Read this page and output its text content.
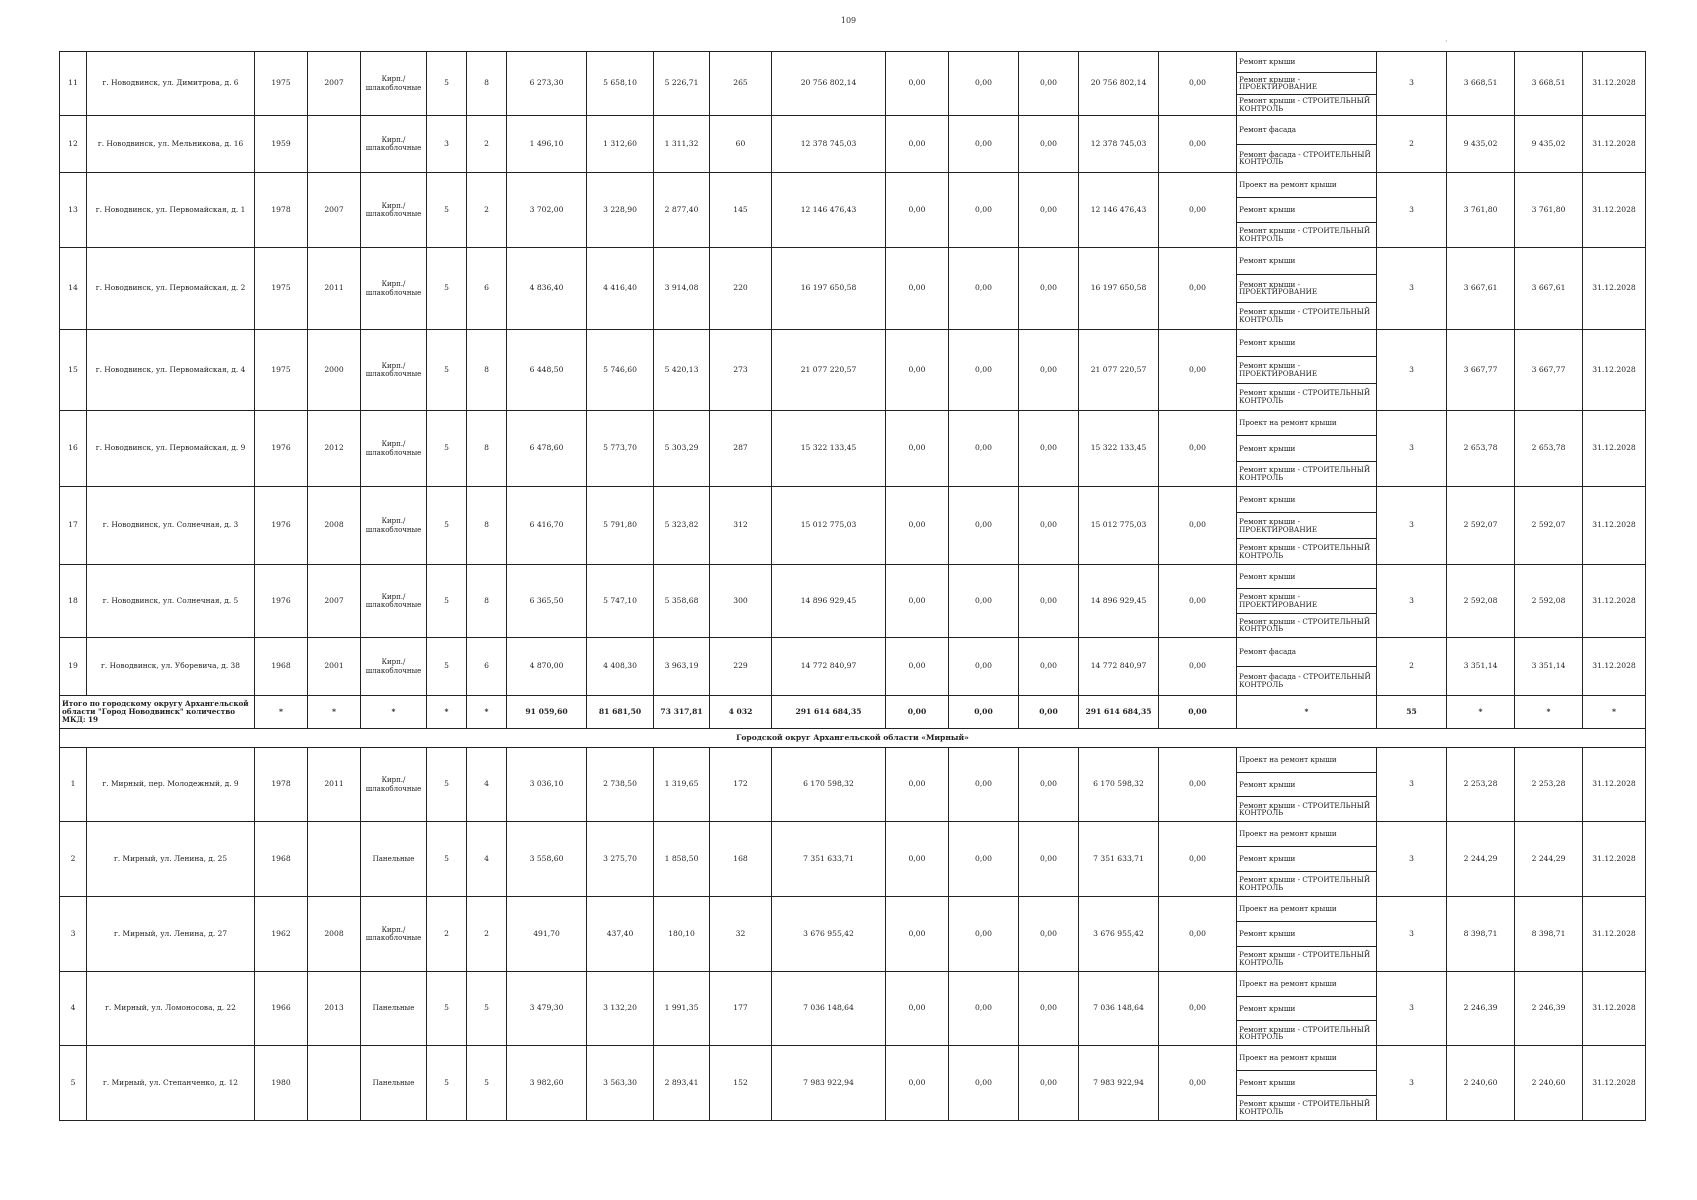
109
11	г. Новодвинск, ул. Димитрова, д. 6	1975	2007	Кирп./ шлакоблочные	5	8	6 273,30	5 658,10	5 226,71	265	20 756 802,14	0,00	0,00	0,00	20 756 802,14	0,00	Ремонт крыши
Ремонт крыши - ПРОЕКТИРОВАНИЕ
Ремонт крыши - СТРОИТЕЛЬНЫЙ КОНТРОЛЬ	3	3 668,51	3 668,51	31.12.2028
12	г. Новодвинск, ул. Мельникова, д. 16	1959		Кирп./ шлакоблочные	3	2	1 496,10	1 312,60	1 311,32	60	12 378 745,03	0,00	0,00	0,00	12 378 745,03	0,00	Ремонт фасада
Ремонт фасада - СТРОИТЕЛЬНЫЙ КОНТРОЛЬ	2	9 435,02	9 435,02	31.12.2028
13	г. Новодвинск, ул. Первомайская, д. 1	1978	2007	Кирп./ шлакоблочные	5	2	3 702,00	3 228,90	2 877,40	145	12 146 476,43	0,00	0,00	0,00	12 146 476,43	0,00	Проект на ремонт крыши
Ремонт крыши
Ремонт крыши - СТРОИТЕЛЬНЫЙ КОНТРОЛЬ	3	3 761,80	3 761,80	31.12.2028
14	г. Новодвинск, ул. Первомайская, д. 2	1975	2011	Кирп./ шлакоблочные	5	6	4 836,40	4 416,40	3 914,08	220	16 197 650,58	0,00	0,00	0,00	16 197 650,58	0,00	Ремонт крыши
Ремонт крыши - ПРОЕКТИРОВАНИЕ
Ремонт крыши - СТРОИТЕЛЬНЫЙ КОНТРОЛЬ	3	3 667,61	3 667,61	31.12.2028
15	г. Новодвинск, ул. Первомайская, д. 4	1975	2000	Кирп./ шлакоблочные	5	8	6 448,50	5 746,60	5 420,13	273	21 077 220,57	0,00	0,00	0,00	21 077 220,57	0,00	Ремонт крыши
Ремонт крыши - ПРОЕКТИРОВАНИЕ
Ремонт крыши - СТРОИТЕЛЬНЫЙ КОНТРОЛЬ	3	3 667,77	3 667,77	31.12.2028
16	г. Новодвинск, ул. Первомайская, д. 9	1976	2012	Кирп./ шлакоблочные	5	8	6 478,60	5 773,70	5 303,29	287	15 322 133,45	0,00	0,00	0,00	15 322 133,45	0,00	Проект на ремонт крыши
Ремонт крыши
Ремонт крыши - СТРОИТЕЛЬНЫЙ КОНТРОЛЬ	3	2 653,78	2 653,78	31.12.2028
17	г. Новодвинск, ул. Солнечная, д. 3	1976	2008	Кирп./ шлакоблочные	5	8	6 416,70	5 791,80	5 323,82	312	15 012 775,03	0,00	0,00	0,00	15 012 775,03	0,00	Ремонт крыши
Ремонт крыши - ПРОЕКТИРОВАНИЕ
Ремонт крыши - СТРОИТЕЛЬНЫЙ КОНТРОЛЬ	3	2 592,07	2 592,07	31.12.2028
18	г. Новодвинск, ул. Солнечная, д. 5	1976	2007	Кирп./ шлакоблочные	5	8	6 365,50	5 747,10	5 358,68	300	14 896 929,45	0,00	0,00	0,00	14 896 929,45	0,00	Ремонт крыши
Ремонт крыши - ПРОЕКТИРОВАНИЕ
Ремонт крыши - СТРОИТЕЛЬНЫЙ КОНТРОЛЬ	3	2 592,08	2 592,08	31.12.2028
19	г. Новодвинск, ул. Уборевича, д. 38	1968	2001	Кирп./ шлакоблочные	5	6	4 870,00	4 408,30	3 963,19	229	14 772 840,97	0,00	0,00	0,00	14 772 840,97	0,00	Ремонт фасада
Ремонт фасада - СТРОИТЕЛЬНЫЙ КОНТРОЛЬ	2	3 351,14	3 351,14	31.12.2028
Итого по городскому округу Архангельской области "Город Новодвинск" количество МКД: 19		*	*	*	*	*	91 059,60	81 681,50	73 317,81	4 032	291 614 684,35	0,00	0,00	0,00	291 614 684,35	0,00	*	55	*	*	*
Городской округ Архангельской области «Мирный»																					
1	г. Мирный, пер. Молодежный, д. 9	1978	2011	Кирп./ шлакоблочные	5	4	3 036,10	2 738,50	1 319,65	172	6 170 598,32	0,00	0,00	0,00	6 170 598,32	0,00	Проект на ремонт крыши
Ремонт крыши
Ремонт крыши - СТРОИТЕЛЬНЫЙ КОНТРОЛЬ	3	2 253,28	2 253,28	31.12.2028
2	г. Мирный, ул. Ленина, д. 25	1968		Панельные	5	4	3 558,60	3 275,70	1 858,50	168	7 351 633,71	0,00	0,00	0,00	7 351 633,71	0,00	Проект на ремонт крыши
Ремонт крыши
Ремонт крыши - СТРОИТЕЛЬНЫЙ КОНТРОЛЬ	3	2 244,29	2 244,29	31.12.2028
3	г. Мирный, ул. Ленина, д. 27	1962	2008	Кирп./ шлакоблочные	2	2	491,70	437,40	180,10	32	3 676 955,42	0,00	0,00	0,00	3 676 955,42	0,00	Проект на ремонт крыши
Ремонт крыши
Ремонт крыши - СТРОИТЕЛЬНЫЙ КОНТРОЛЬ	3	8 398,71	8 398,71	31.12.2028
4	г. Мирный, ул. Ломоносова, д. 22	1966	2013	Панельные	5	5	3 479,30	3 132,20	1 991,35	177	7 036 148,64	0,00	0,00	0,00	7 036 148,64	0,00	Проект на ремонт крыши
Ремонт крыши
Ремонт крыши - СТРОИТЕЛЬНЫЙ КОНТРОЛЬ	3	2 246,39	2 246,39	31.12.2028
5	г. Мирный, ул. Степанченко, д. 12	1980		Панельные	5	5	3 982,60	3 563,30	2 893,41	152	7 983 922,94	0,00	0,00	0,00	7 983 922,94	0,00	Проект на ремонт крыши
Ремонт крыши
Ремонт крыши - СТРОИТЕЛЬНЫЙ КОНТРОЛЬ	3	2 240,60	2 240,60	31.12.2028
·
